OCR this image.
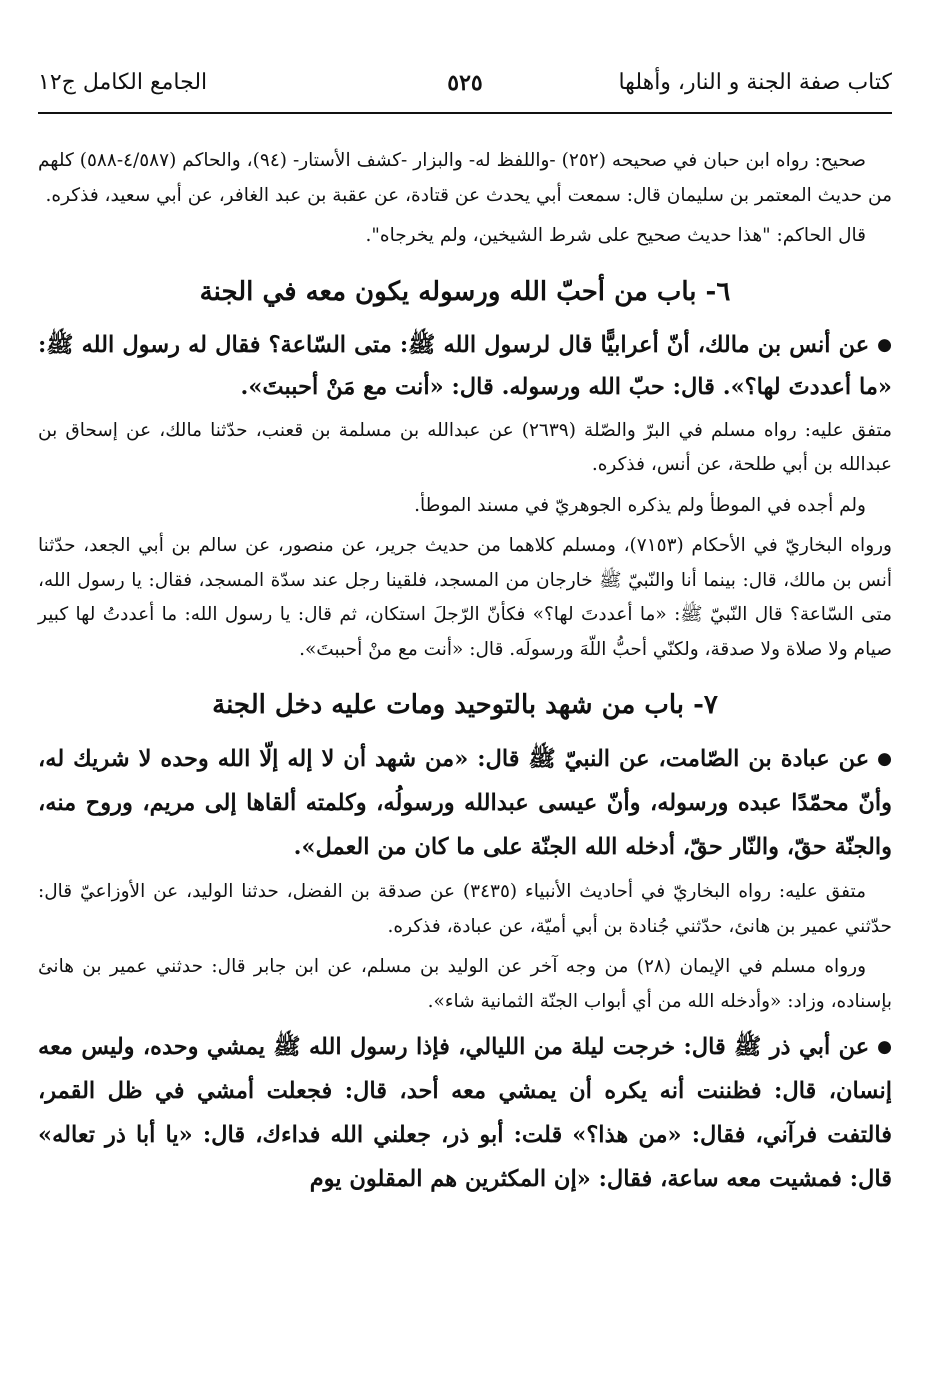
كتاب صفة الجنة و النار، وأهلها
٥٢٥
الجامع الكامل ج١٢

صحيح: رواه ابن حبان في صحيحه (٢٥٢) -واللفظ له- والبزار -كشف الأستار- (٩٤)، والحاكم (٤/٥٨٧-٥٨٨) كلهم من حديث المعتمر بن سليمان قال: سمعت أبي يحدث عن قتادة، عن عقبة بن عبد الغافر، عن أبي سعيد، فذكره.

قال الحاكم: "هذا حديث صحيح على شرط الشيخين، ولم يخرجاه".

٦- باب من أحبّ الله ورسوله يكون معه في الجنة

●عن أنس بن مالك، أنّ أعرابيًّا قال لرسول الله ﷺ: متى السّاعة؟ فقال له رسول الله ﷺ: «ما أعددتَ لها؟». قال: حبّ الله ورسوله. قال: «أنت مع مَنْ أحببتَ».

متفق عليه: رواه مسلم في البرّ والصّلة (٢٦٣٩) عن عبدالله بن مسلمة بن قعنب، حدّثنا مالك، عن إسحاق بن عبدالله بن أبي طلحة، عن أنس، فذكره.

ولم أجده في الموطأ ولم يذكره الجوهريّ في مسند الموطأ.

ورواه البخاريّ في الأحكام (٧١٥٣)، ومسلم كلاهما من حديث جرير، عن منصور، عن سالم بن أبي الجعد، حدّثنا أنس بن مالك، قال: بينما أنا والنّبيّ ﷺ خارجان من المسجد، فلقينا رجل عند سدّة المسجد، فقال: يا رسول الله، متى السّاعة؟ قال النّبيّ ﷺ: «ما أعددتَ لها؟» فكأنّ الرّجلَ استكان، ثم قال: يا رسول الله: ما أعددتُ لها كبير صيام ولا صلاة ولا صدقة، ولكنّي أحبُّ اللّهَ ورسولَه. قال: «أنت مع منْ أحببتَ».

٧- باب من شهد بالتوحيد ومات عليه دخل الجنة

●عن عبادة بن الصّامت، عن النبيّ ﷺ قال: «من شهد أن لا إله إلّا الله وحده لا شريك له، وأنّ محمّدًا عبده ورسوله، وأنّ عيسى عبدالله ورسولُه، وكلمته ألقاها إلى مريم، وروح منه، والجنّة حقّ، والنّار حقّ، أدخله الله الجنّة على ما كان من العمل».

متفق عليه: رواه البخاريّ في أحاديث الأنبياء (٣٤٣٥) عن صدقة بن الفضل، حدثنا الوليد، عن الأوزاعيّ قال: حدّثني عمير بن هانئ، حدّثني جُنادة بن أبي أميّة، عن عبادة، فذكره.

ورواه مسلم في الإيمان (٢٨) من وجه آخر عن الوليد بن مسلم، عن ابن جابر قال: حدثني عمير بن هانئ بإسناده، وزاد: «وأدخله الله من أي أبواب الجنّة الثمانية شاء».

●عن أبي ذر ﷺ قال: خرجت ليلة من الليالي، فإذا رسول الله ﷺ يمشي وحده، وليس معه إنسان، قال: فظننت أنه يكره أن يمشي معه أحد، قال: فجعلت أمشي في ظل القمر، فالتفت فرآني، فقال: «من هذا؟» قلت: أبو ذر، جعلني الله فداءك، قال: «يا أبا ذر تعاله» قال: فمشيت معه ساعة، فقال: «إن المكثرين هم المقلون يوم
